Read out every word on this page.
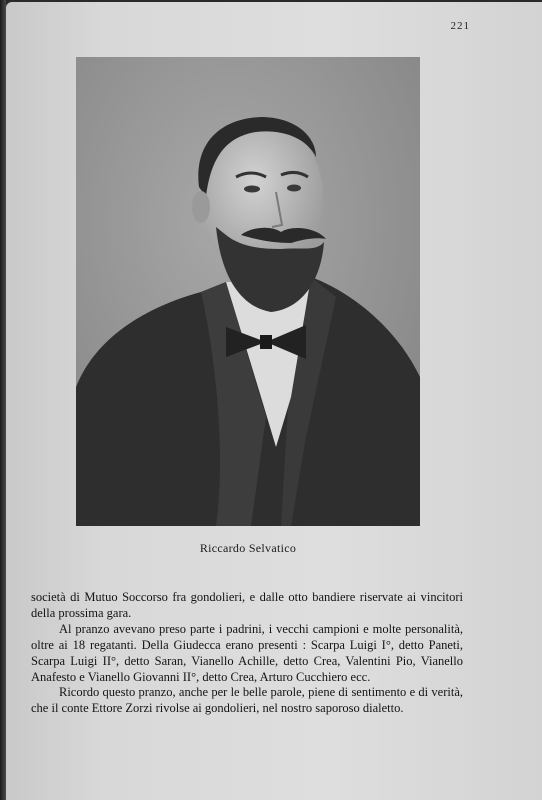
221
Riccardo Selvatico

società di Mutuo Soccorso fra gondolieri, e dalle otto bandiere riservate ai vincitori della prossima gara.

Al pranzo avevano preso parte i padrini, i vecchi campioni e molte personalità, oltre ai 18 regatanti. Della Giudecca erano presenti : Scarpa Luigi I°, detto Paneti, Scarpa Luigi II°, detto Saran, Vianello Achille, detto Crea, Valentini Pio, Vianello Anafesto e Vianello Giovanni II°, detto Crea, Arturo Cucchiero ecc.

Ricordo questo pranzo, anche per le belle parole, piene di sentimento e di verità, che il conte Ettore Zorzi rivolse ai gondolieri, nel nostro saporoso dialetto.
